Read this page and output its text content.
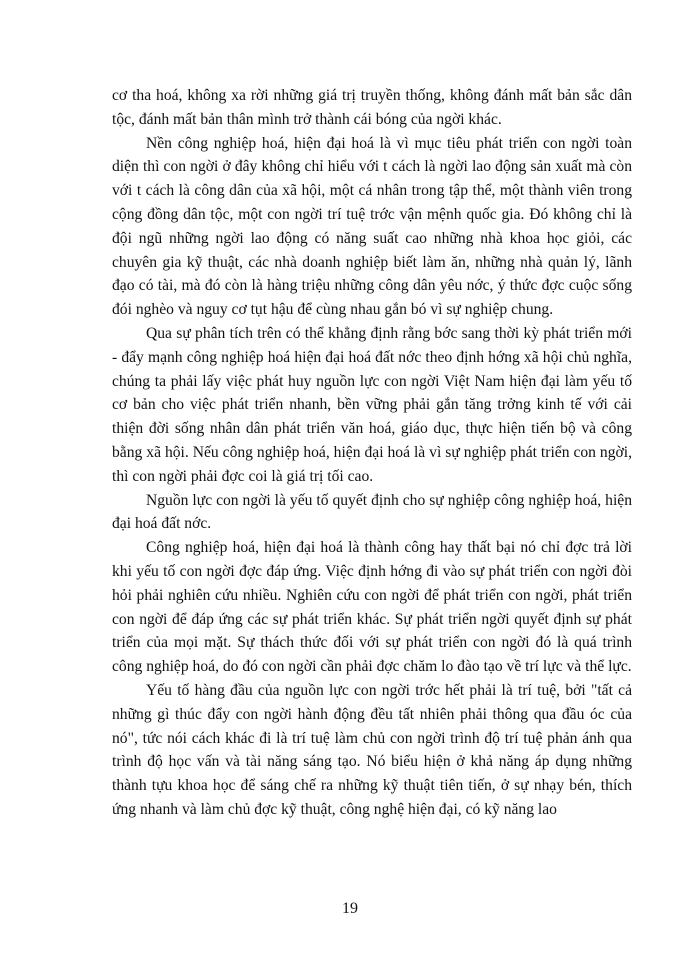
cơ tha hoá, không xa rời những giá trị truyền thống, không đánh mất bản sắc dân tộc, đánh mất bản thân mình trở thành cái bóng của ngời khác.

Nền công nghiệp hoá, hiện đại hoá là vì mục tiêu phát triển con ngời toàn diện thì con ngời ở đây không chỉ hiểu với t cách là ngời lao động sản xuất mà còn với t cách là công dân của xã hội, một cá nhân trong tập thể, một thành viên trong cộng đồng dân tộc, một con ngời trí tuệ trớc vận mệnh quốc gia. Đó không chỉ là đội ngũ những ngời lao động có năng suất cao những nhà khoa học giỏi, các chuyên gia kỹ thuật, các nhà doanh nghiệp biết làm ăn, những nhà quản lý, lãnh đạo có tài, mà đó còn là hàng triệu những công dân yêu nớc, ý thức đợc cuộc sống đói nghèo và nguy cơ tụt hậu để cùng nhau gắn bó vì sự nghiệp chung.

Qua sự phân tích trên có thể khẳng định rằng bớc sang thời kỳ phát triển mới - đẩy mạnh công nghiệp hoá hiện đại hoá đất nớc theo định hớng xã hội chủ nghĩa, chúng ta phải lấy việc phát huy nguồn lực con ngời Việt Nam hiện đại làm yếu tố cơ bản cho việc phát triển nhanh, bền vững phải gắn tăng trởng kinh tế với cải thiện đời sống nhân dân phát triển văn hoá, giáo dục, thực hiện tiến bộ và công bằng xã hội. Nếu công nghiệp hoá, hiện đại hoá là vì sự nghiệp phát triển con ngời, thì con ngời phải đợc coi là giá trị tối cao.

Nguồn lực con ngời là yếu tố quyết định cho sự nghiệp công nghiệp hoá, hiện đại hoá đất nớc.

Công nghiệp hoá, hiện đại hoá là thành công hay thất bại nó chỉ đợc trả lời khi yếu tố con ngời đợc đáp ứng. Việc định hớng đi vào sự phát triển con ngời đòi hỏi phải nghiên cứu nhiều. Nghiên cứu con ngời để phát triển con ngời, phát triển con ngời để đáp ứng các sự phát triển khác. Sự phát triển ngời quyết định sự phát triển của mọi mặt. Sự thách thức đối với sự phát triển con ngời đó là quá trình công nghiệp hoá, do đó con ngời cần phải đợc chăm lo đào tạo về trí lực và thể lực.

Yếu tố hàng đầu của nguồn lực con ngời trớc hết phải là trí tuệ, bởi "tất cả những gì thúc đẩy con ngời hành động đều tất nhiên phải thông qua đầu óc của nó", tức nói cách khác đi là trí tuệ làm chủ con ngời trình độ trí tuệ phản ánh qua trình độ học vấn và tài năng sáng tạo. Nó biểu hiện ở khả năng áp dụng những thành tựu khoa học để sáng chế ra những kỹ thuật tiên tiến, ở sự nhạy bén, thích ứng nhanh và làm chủ đợc kỹ thuật, công nghệ hiện đại, có kỹ năng lao

19
